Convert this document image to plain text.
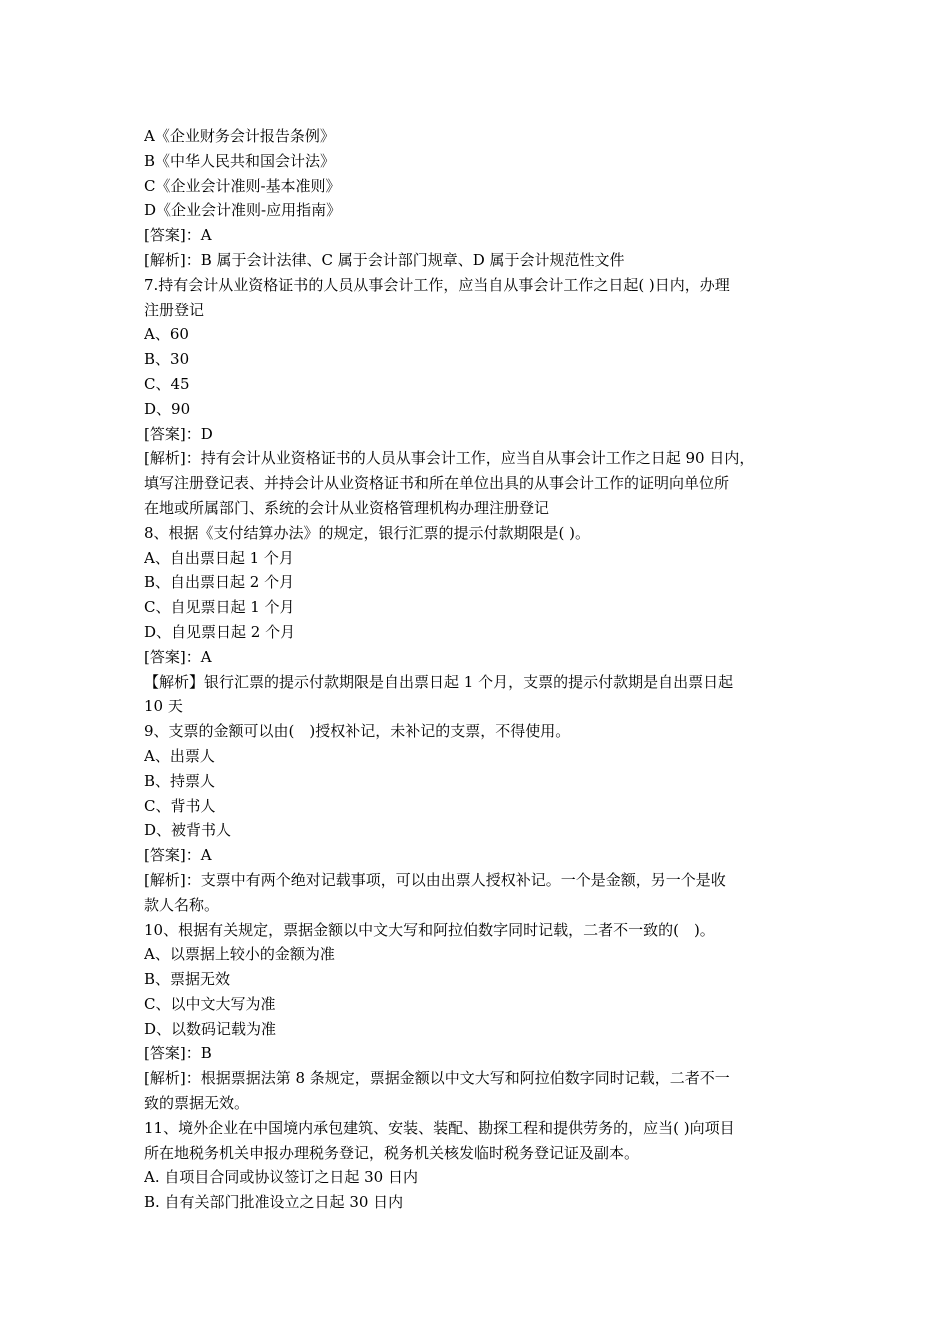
A《企业财务会计报告条例》
B《中华人民共和国会计法》
C《企业会计准则-基本准则》
D《企业会计准则-应用指南》
[答案]：A
[解析]：B 属于会计法律、C 属于会计部门规章、D 属于会计规范性文件
7.持有会计从业资格证书的人员从事会计工作，应当自从事会计工作之日起( )日内，办理
注册登记
A、60
B、30
C、45
D、90
[答案]：D
[解析]：持有会计从业资格证书的人员从事会计工作，应当自从事会计工作之日起 90 日内，
填写注册登记表、并持会计从业资格证书和所在单位出具的从事会计工作的证明向单位所
在地或所属部门、系统的会计从业资格管理机构办理注册登记
8、根据《支付结算办法》的规定，银行汇票的提示付款期限是( )。
A、自出票日起 1 个月
B、自出票日起 2 个月
C、自见票日起 1 个月
D、自见票日起 2 个月
[答案]：A
【解析】银行汇票的提示付款期限是自出票日起 1 个月，支票的提示付款期是自出票日起
10 天
9、支票的金额可以由(　)授权补记，未补记的支票，不得使用。
A、出票人
B、持票人
C、背书人
D、被背书人
[答案]：A
[解析]：支票中有两个绝对记载事项，可以由出票人授权补记。一个是金额，另一个是收
款人名称。
10、根据有关规定，票据金额以中文大写和阿拉伯数字同时记载，二者不一致的(　)。
A、以票据上较小的金额为准
B、票据无效
C、以中文大写为准
D、以数码记载为准
[答案]：B
[解析]：根据票据法第 8 条规定，票据金额以中文大写和阿拉伯数字同时记载，二者不一
致的票据无效。
11、境外企业在中国境内承包建筑、安装、装配、勘探工程和提供劳务的，应当( )向项目
所在地税务机关申报办理税务登记，税务机关核发临时税务登记证及副本。
A. 自项目合同或协议签订之日起 30 日内
B. 自有关部门批准设立之日起 30 日内
